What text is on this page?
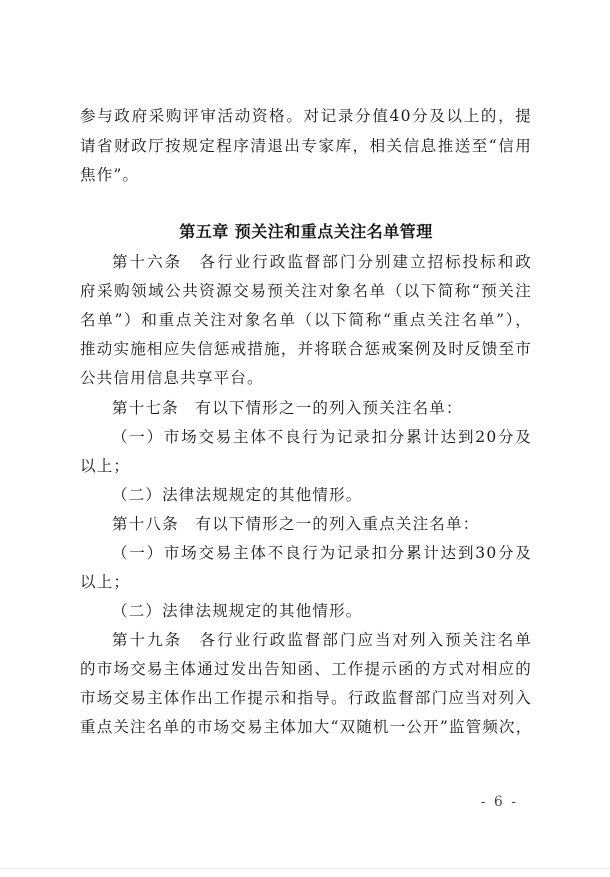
参与政府采购评审活动资格。对记录分值40分及以上的，提
请省财政厅按规定程序清退出专家库，相关信息推送至“信用
焦作”。
第五章 预关注和重点关注名单管理
第十六条　各行业行政监督部门分别建立招标投标和政
府采购领域公共资源交易预关注对象名单（以下简称“预关注
名单”）和重点关注对象名单（以下简称“重点关注名单”），
推动实施相应失信惩戒措施，并将联合惩戒案例及时反馈至市
公共信用信息共享平台。
第十七条　有以下情形之一的列入预关注名单：
（一）市场交易主体不良行为记录扣分累计达到20分及
以上；
（二）法律法规规定的其他情形。
第十八条　有以下情形之一的列入重点关注名单：
（一）市场交易主体不良行为记录扣分累计达到30分及
以上；
（二）法律法规规定的其他情形。
第十九条　各行业行政监督部门应当对列入预关注名单
的市场交易主体通过发出告知函、工作提示函的方式对相应的
市场交易主体作出工作提示和指导。行政监督部门应当对列入
重点关注名单的市场交易主体加大“双随机一公开”监管频次，
- 6 -
